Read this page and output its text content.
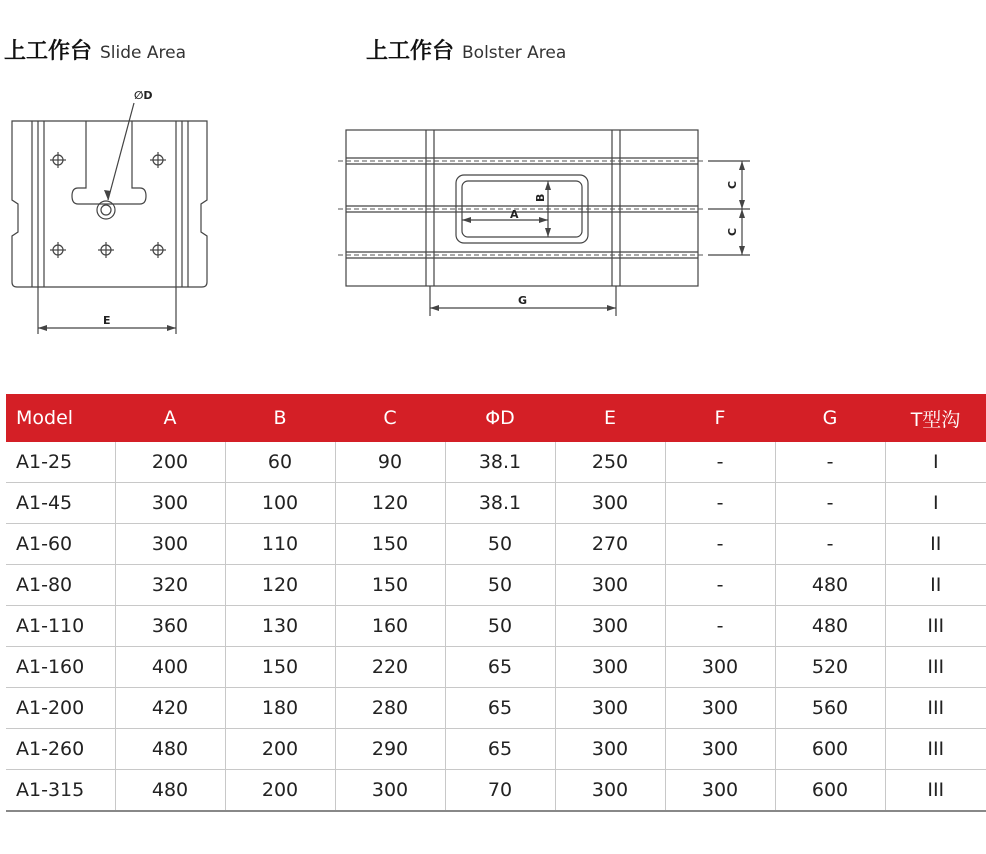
上工作台 Slide Area	上工作台 Bolster Area
∅D
E
A
B
C
C
G
Model	A	B	C	ΦD	E	F	G	T型沟
A1-25	200	60	90	38.1	250	-	-	I
A1-45	300	100	120	38.1	300	-	-	I
A1-60	300	110	150	50	270	-	-	II
A1-80	320	120	150	50	300	-	480	II
A1-110	360	130	160	50	300	-	480	III
A1-160	400	150	220	65	300	300	520	III
A1-200	420	180	280	65	300	300	560	III
A1-260	480	200	290	65	300	300	600	III
A1-315	480	200	300	70	300	300	600	III
